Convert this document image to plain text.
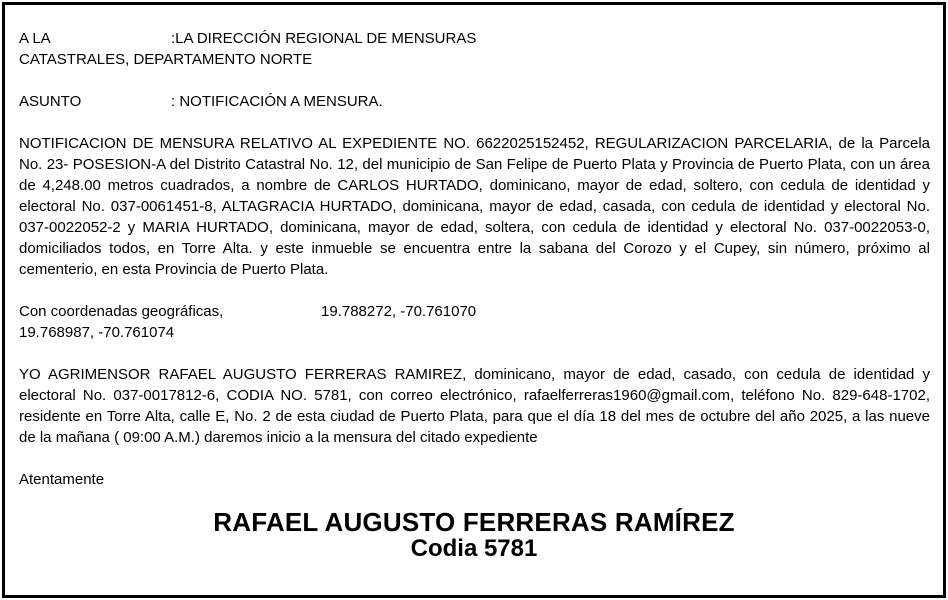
A LA	:LA DIRECCIÓN REGIONAL DE MENSURAS
CATASTRALES, DEPARTAMENTO NORTE
ASUNTO	: NOTIFICACIÓN A MENSURA.
NOTIFICACION DE MENSURA RELATIVO AL EXPEDIENTE NO. 6622025152452, REGULARIZACION PARCELARIA, de la Parcela No. 23- POSESION-A del Distrito Catastral No. 12, del municipio de San Felipe de Puerto Plata y Provincia de Puerto Plata, con un área de 4,248.00 metros cuadrados, a nombre de CARLOS HURTADO, dominicano, mayor de edad, soltero, con cedula de identidad y electoral No. 037-0061451-8, ALTAGRACIA HURTADO, dominicana, mayor de edad, casada, con cedula de identidad y electoral No. 037-0022052-2 y MARIA HURTADO, dominicana, mayor de edad, soltera, con cedula de identidad y electoral No. 037-0022053-0, domiciliados todos, en Torre Alta. y este inmueble se encuentra entre la sabana del Corozo y el Cupey, sin número, próximo al cementerio, en esta Provincia de Puerto Plata.
Con coordenadas geográficas,	19.788272, -70.761070
19.768987, -70.761074
YO AGRIMENSOR RAFAEL AUGUSTO FERRERAS RAMIREZ, dominicano, mayor de edad, casado, con cedula de identidad y electoral No. 037-0017812-6, CODIA NO. 5781, con correo electrónico, rafaelferreras1960@gmail.com, teléfono No. 829-648-1702, residente en Torre Alta, calle E, No. 2 de esta ciudad de Puerto Plata, para que el día 18 del mes de octubre del año 2025, a las nueve de la mañana ( 09:00 A.M.) daremos inicio a la mensura del citado expediente
Atentamente
RAFAEL AUGUSTO FERRERAS RAMÍREZ
Codia 5781
